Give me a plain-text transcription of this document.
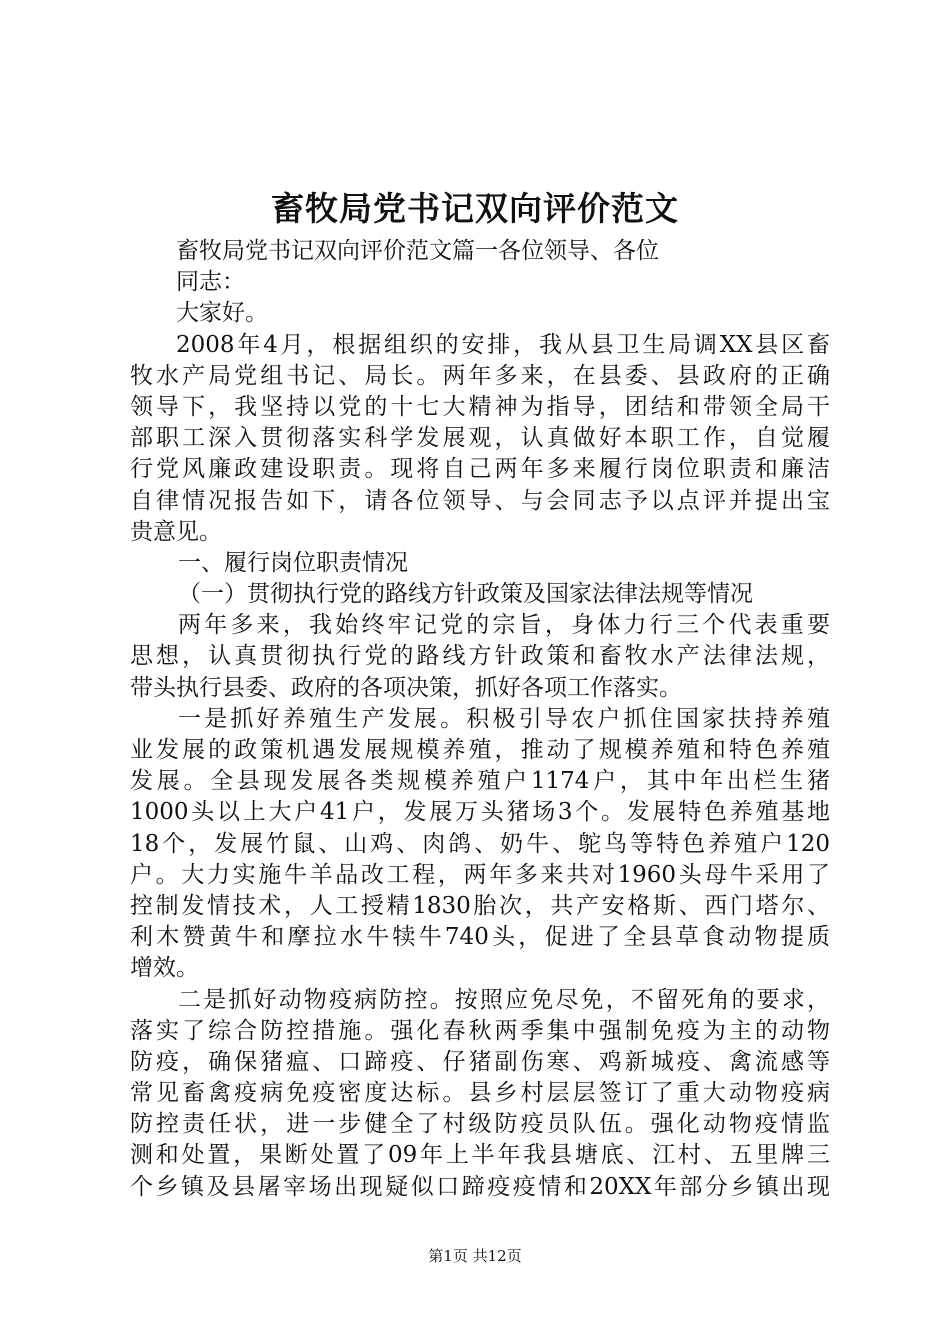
畜牧局党书记双向评价范文
畜牧局党书记双向评价范文篇一各位领导、各位
同志：
大家好。
2008年4月，根据组织的安排，我从县卫生局调XX县区畜
牧水产局党组书记、局长。两年多来，在县委、县政府的正确
领导下，我坚持以党的十七大精神为指导，团结和带领全局干
部职工深入贯彻落实科学发展观，认真做好本职工作，自觉履
行党风廉政建设职责。现将自己两年多来履行岗位职责和廉洁
自律情况报告如下，请各位领导、与会同志予以点评并提出宝
贵意见。
一、履行岗位职责情况
（一）贯彻执行党的路线方针政策及国家法律法规等情况
两年多来，我始终牢记党的宗旨，身体力行三个代表重要
思想，认真贯彻执行党的路线方针政策和畜牧水产法律法规，
带头执行县委、政府的各项决策，抓好各项工作落实。
一是抓好养殖生产发展。积极引导农户抓住国家扶持养殖
业发展的政策机遇发展规模养殖，推动了规模养殖和特色养殖
发展。全县现发展各类规模养殖户1174户，其中年出栏生猪
1000头以上大户41户，发展万头猪场3个。发展特色养殖基地
18个，发展竹鼠、山鸡、肉鸽、奶牛、鸵鸟等特色养殖户120
户。大力实施牛羊品改工程，两年多来共对1960头母牛采用了
控制发情技术，人工授精1830胎次，共产安格斯、西门塔尔、
利木赞黄牛和摩拉水牛犊牛740头，促进了全县草食动物提质
增效。
二是抓好动物疫病防控。按照应免尽免，不留死角的要求，
落实了综合防控措施。强化春秋两季集中强制免疫为主的动物
防疫，确保猪瘟、口蹄疫、仔猪副伤寒、鸡新城疫、禽流感等
常见畜禽疫病免疫密度达标。县乡村层层签订了重大动物疫病
防控责任状，进一步健全了村级防疫员队伍。强化动物疫情监
测和处置，果断处置了09年上半年我县塘底、江村、五里牌三
个乡镇及县屠宰场出现疑似口蹄疫疫情和20XX年部分乡镇出现
第1页 共12页
